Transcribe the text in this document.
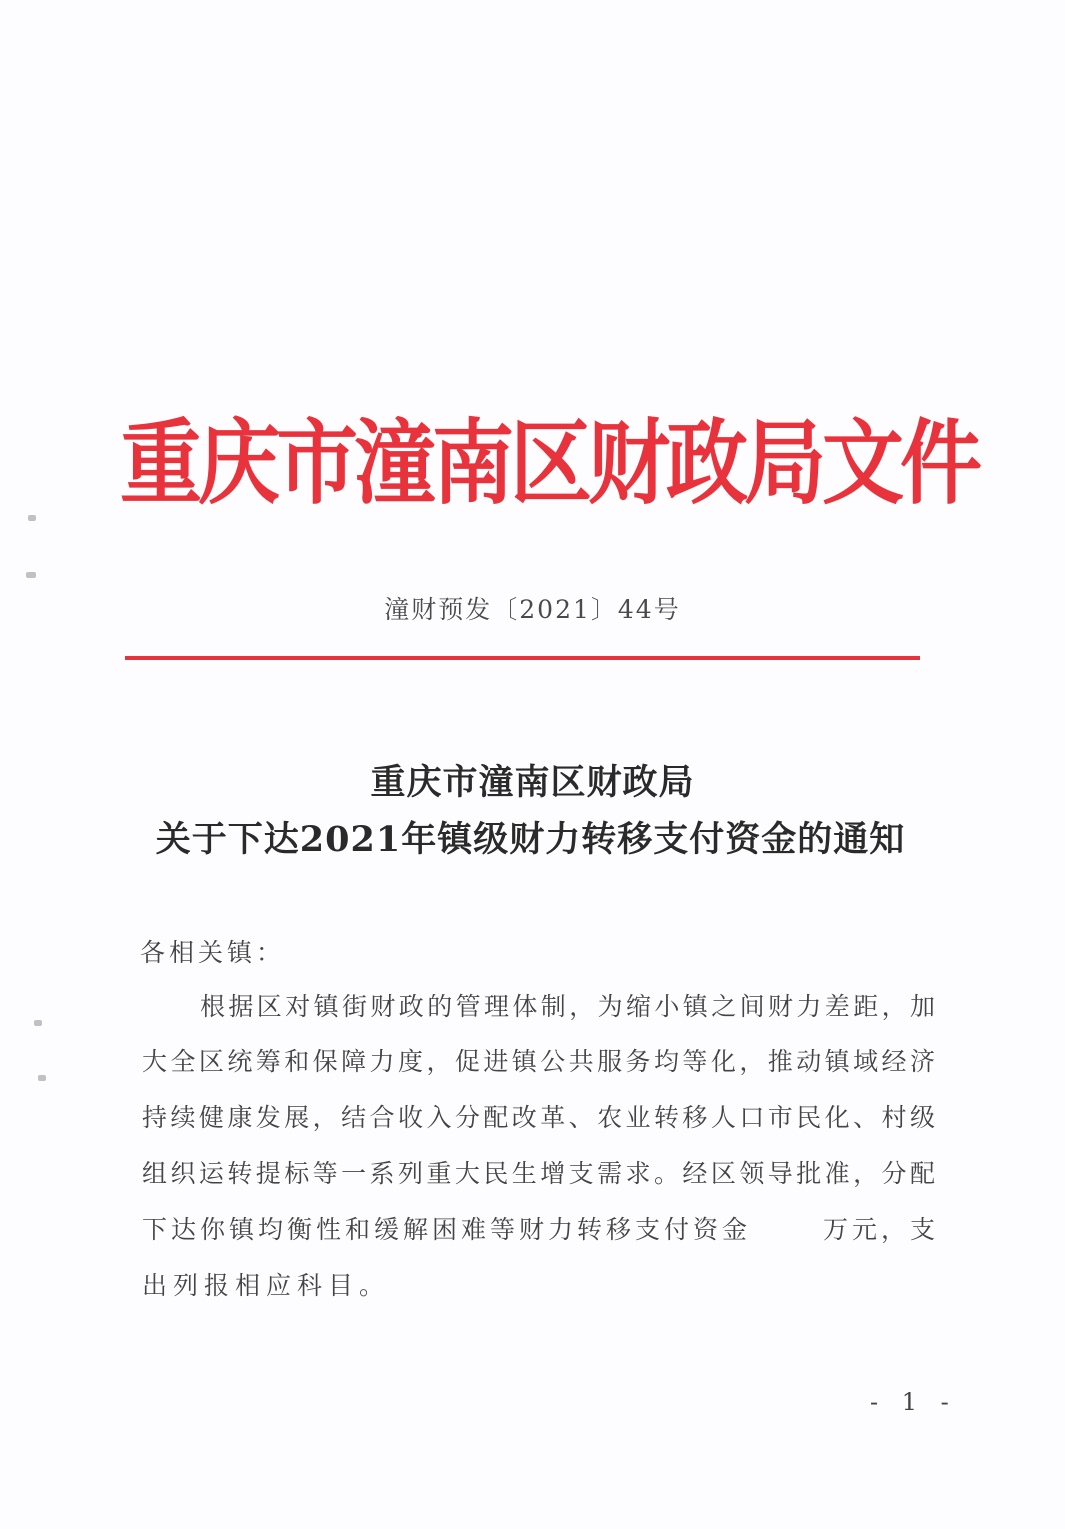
重庆市潼南区财政局文件
潼财预发〔2021〕44号
重庆市潼南区财政局
关于下达2021年镇级财力转移支付资金的通知
各相关镇：
根据区对镇街财政的管理体制，为缩小镇之间财力差距，加
大全区统筹和保障力度，促进镇公共服务均等化，推动镇域经济
持续健康发展，结合收入分配改革、农业转移人口市民化、村级
组织运转提标等一系列重大民生增支需求。经区领导批准，分配
下达你镇均衡性和缓解困难等财力转移支付资金	万元，支
出列报相应科目。
- 1 -
